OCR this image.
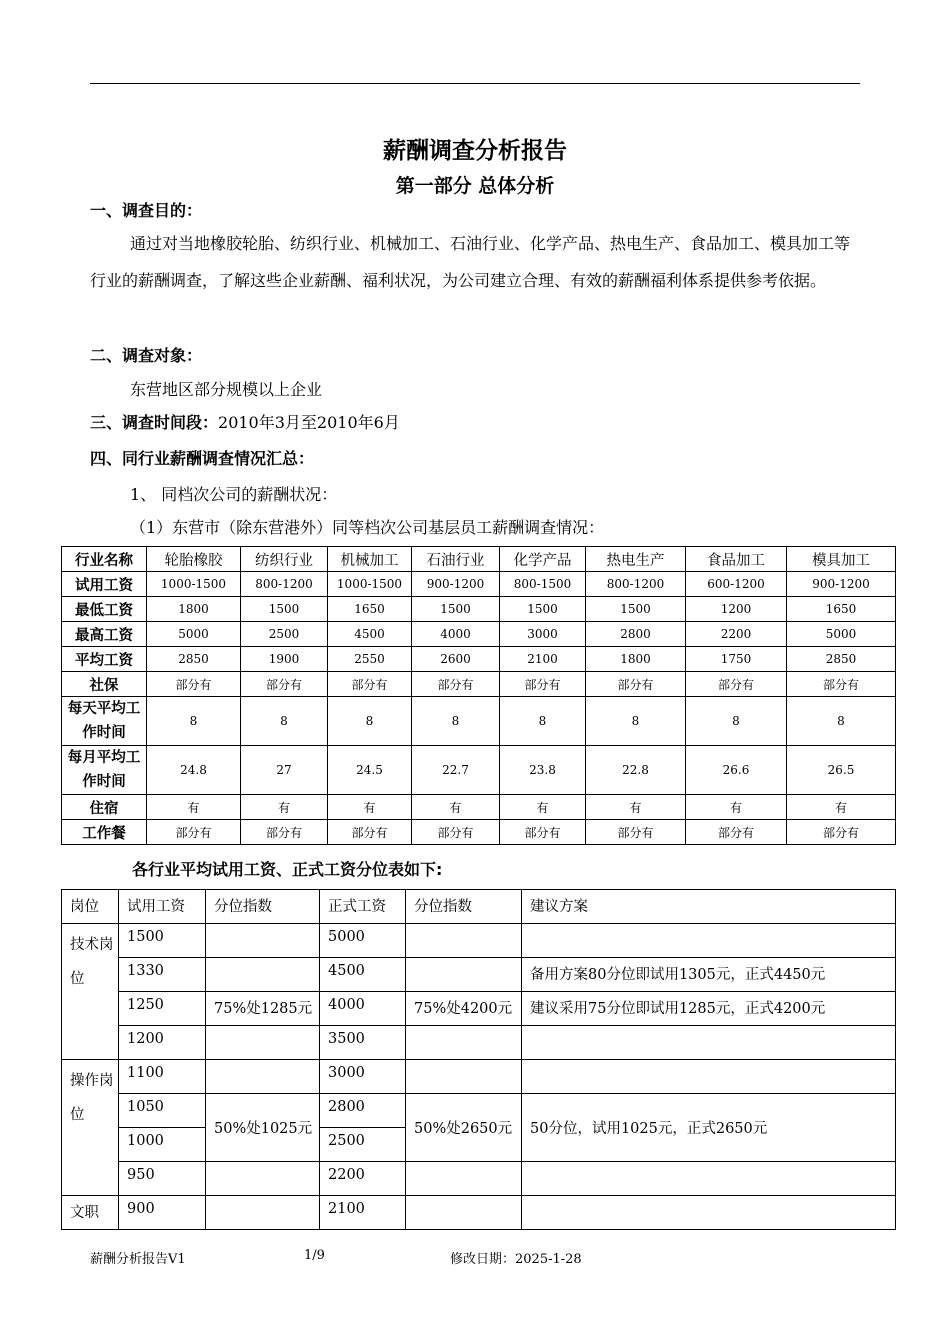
薪酬调查分析报告
第一部分 总体分析
一、调查目的：
通过对当地橡胶轮胎、纺织行业、机械加工、石油行业、化学产品、热电生产、食品加工、模具加工等行业的薪酬调查，了解这些企业薪酬、福利状况，为公司建立合理、有效的薪酬福利体系提供参考依据。
二、调查对象：
东营地区部分规模以上企业
三、调查时间段：2010年3月至2010年6月
四、同行业薪酬调查情况汇总：
1、 同档次公司的薪酬状况：
（1）东营市（除东营港外）同等档次公司基层员工薪酬调查情况：
行业名称	轮胎橡胶	纺织行业	机械加工	石油行业	化学产品	热电生产	食品加工	模具加工
试用工资	1000-1500	800-1200	1000-1500	900-1200	800-1500	800-1200	600-1200	900-1200
最低工资	1800	1500	1650	1500	1500	1500	1200	1650
最高工资	5000	2500	4500	4000	3000	2800	2200	5000
平均工资	2850	1900	2550	2600	2100	1800	1750	2850
社保	部分有	部分有	部分有	部分有	部分有	部分有	部分有	部分有
每天平均工作时间	8	8	8	8	8	8	8	8
每月平均工作时间	24.8	27	24.5	22.7	23.8	22.8	26.6	26.5
住宿	有	有	有	有	有	有	有	有
工作餐	部分有	部分有	部分有	部分有	部分有	部分有	部分有	部分有
各行业平均试用工资、正式工资分位表如下:
岗位	试用工资	分位指数	正式工资	分位指数	建议方案
技术岗位	1500		5000		
	1330		4500		备用方案80分位即试用1305元，正式4450元
	1250	75%处1285元	4000	75%处4200元	建议采用75分位即试用1285元，正式4200元
	1200		3500		
操作岗位	1100		3000		
	1050	50%处1025元	2800	50%处2650元	50分位，试用1025元，正式2650元
	1000		2500		
	950		2200		
文职	900		2100		
薪酬分析报告V1	1/9	修改日期：2025-1-28
